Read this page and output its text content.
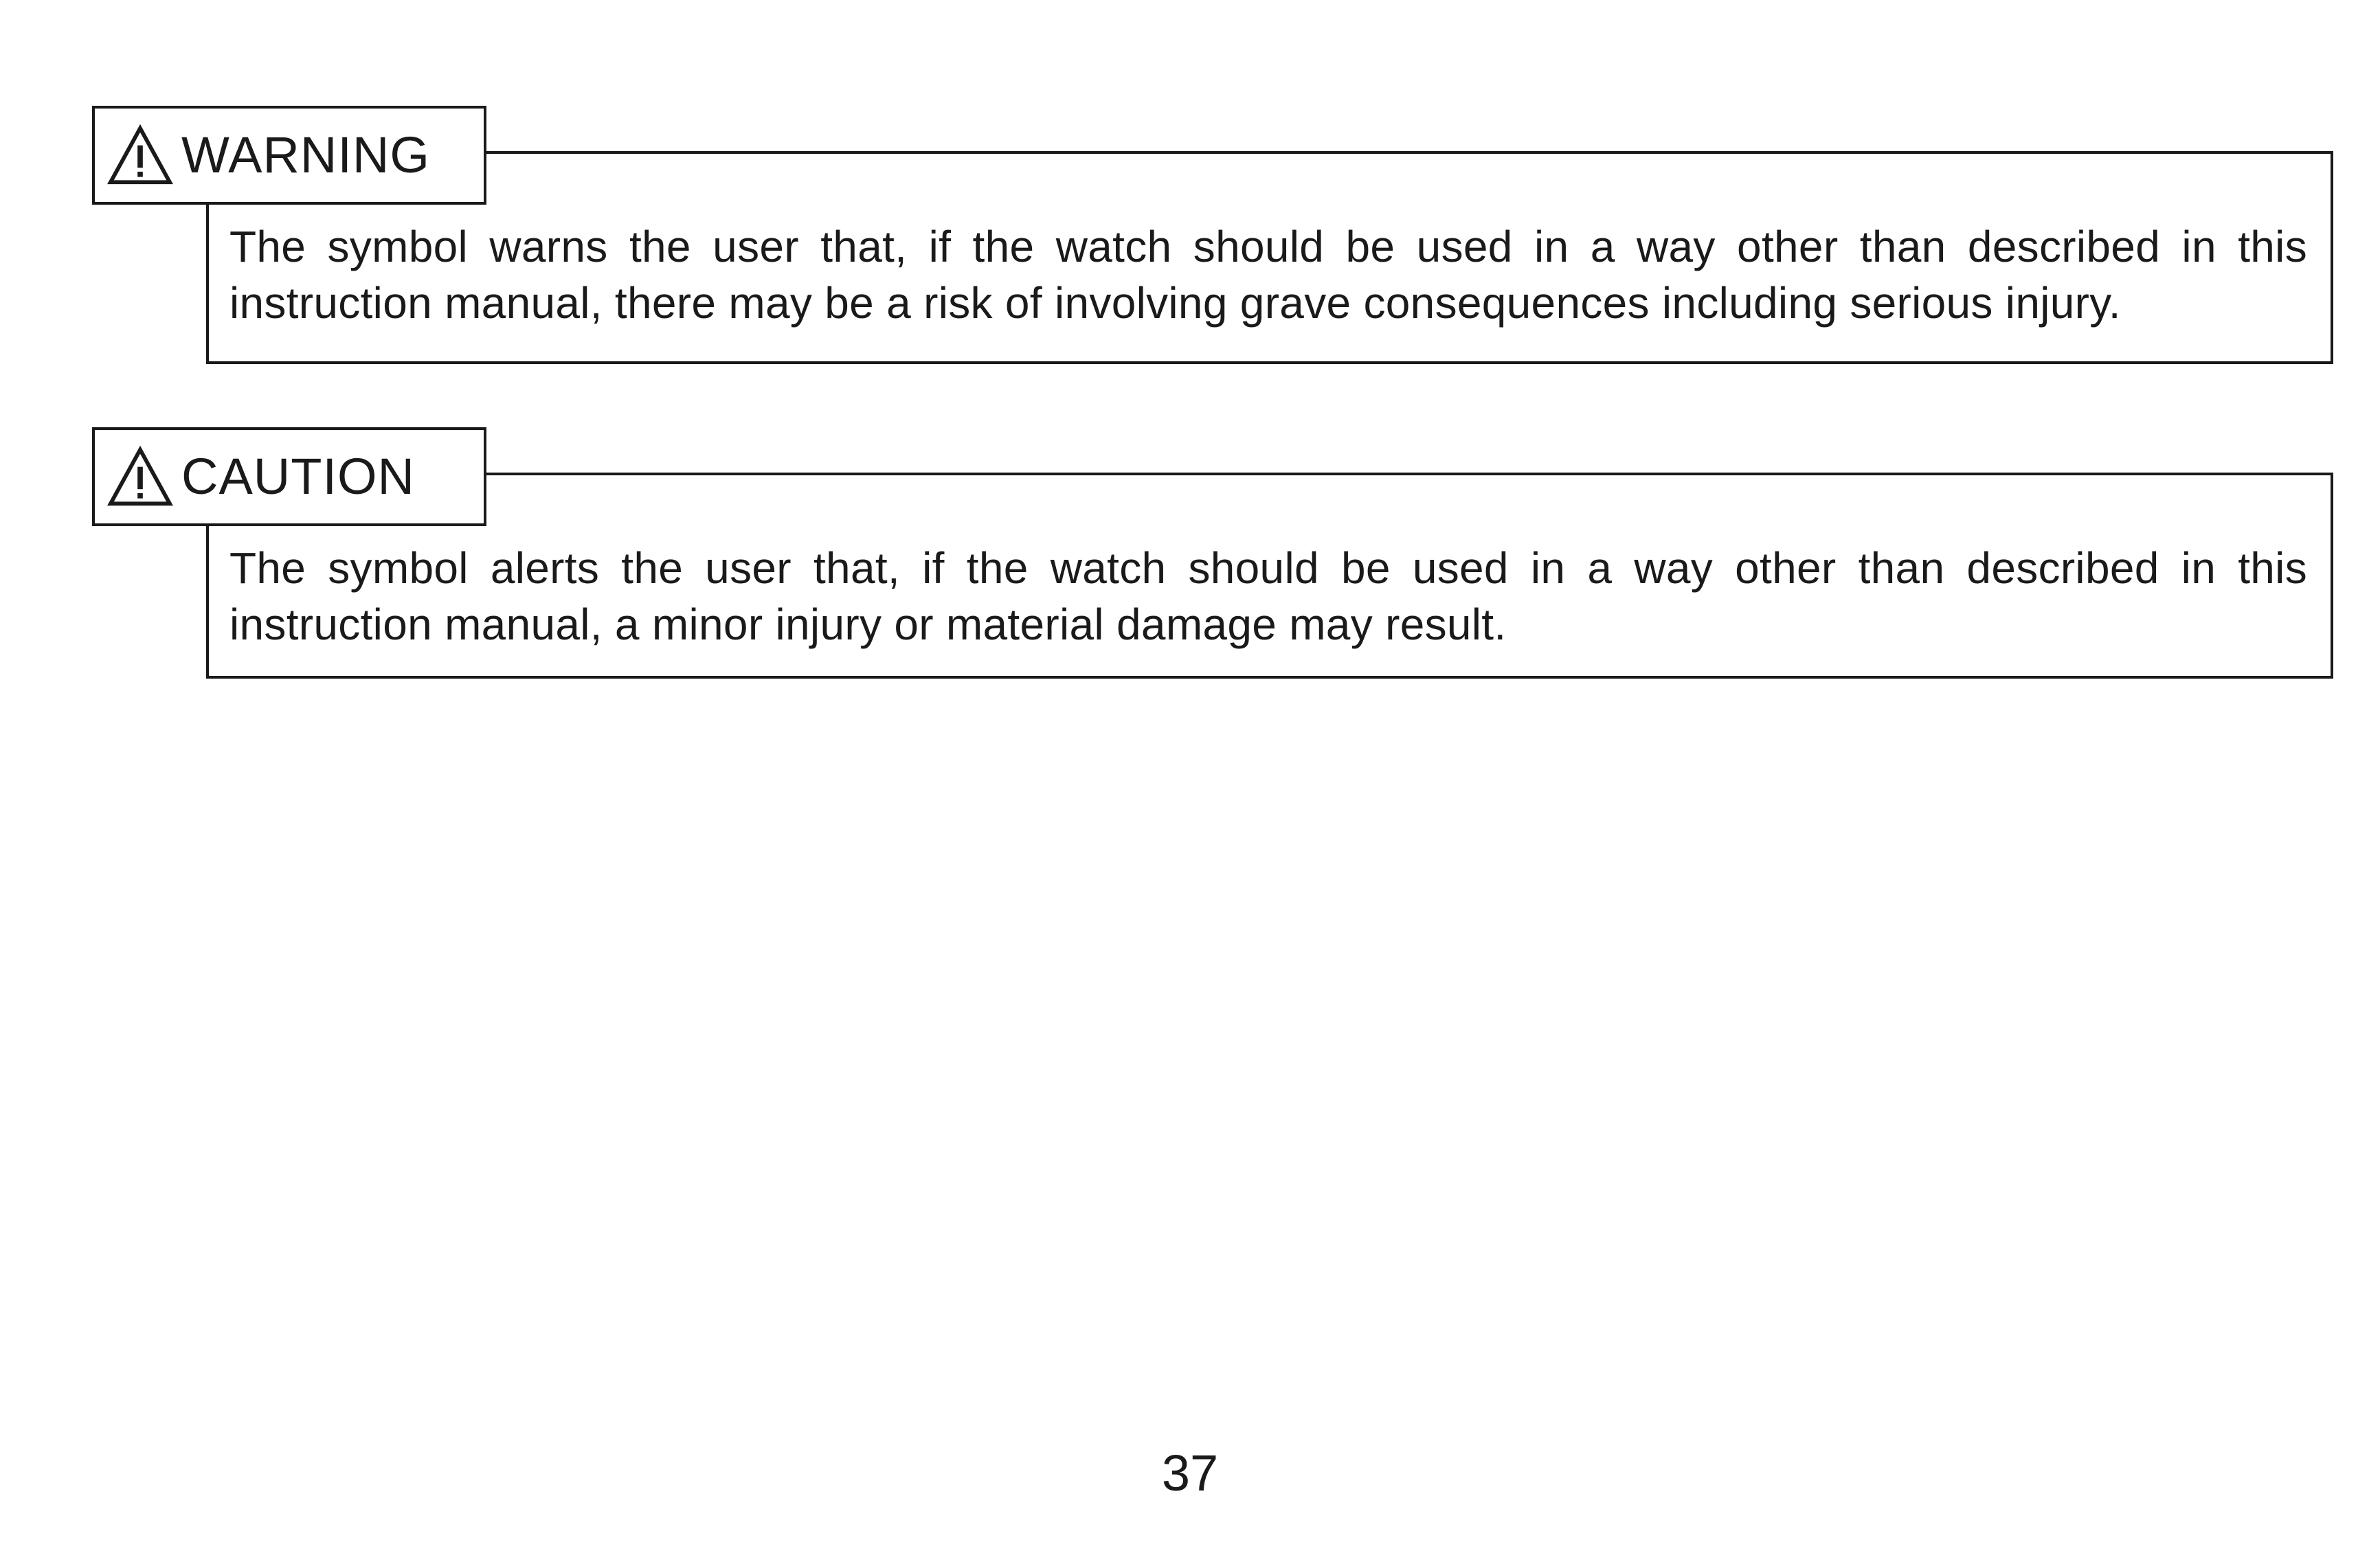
WARNING

The symbol warns the user that, if the watch should be used in a way other than described in this instruction manual, there may be a risk of involving grave consequences including serious injury.

CAUTION

The symbol alerts the user that, if the watch should be used in a way other than described in this instruction manual, a minor injury or material damage may result.

37
